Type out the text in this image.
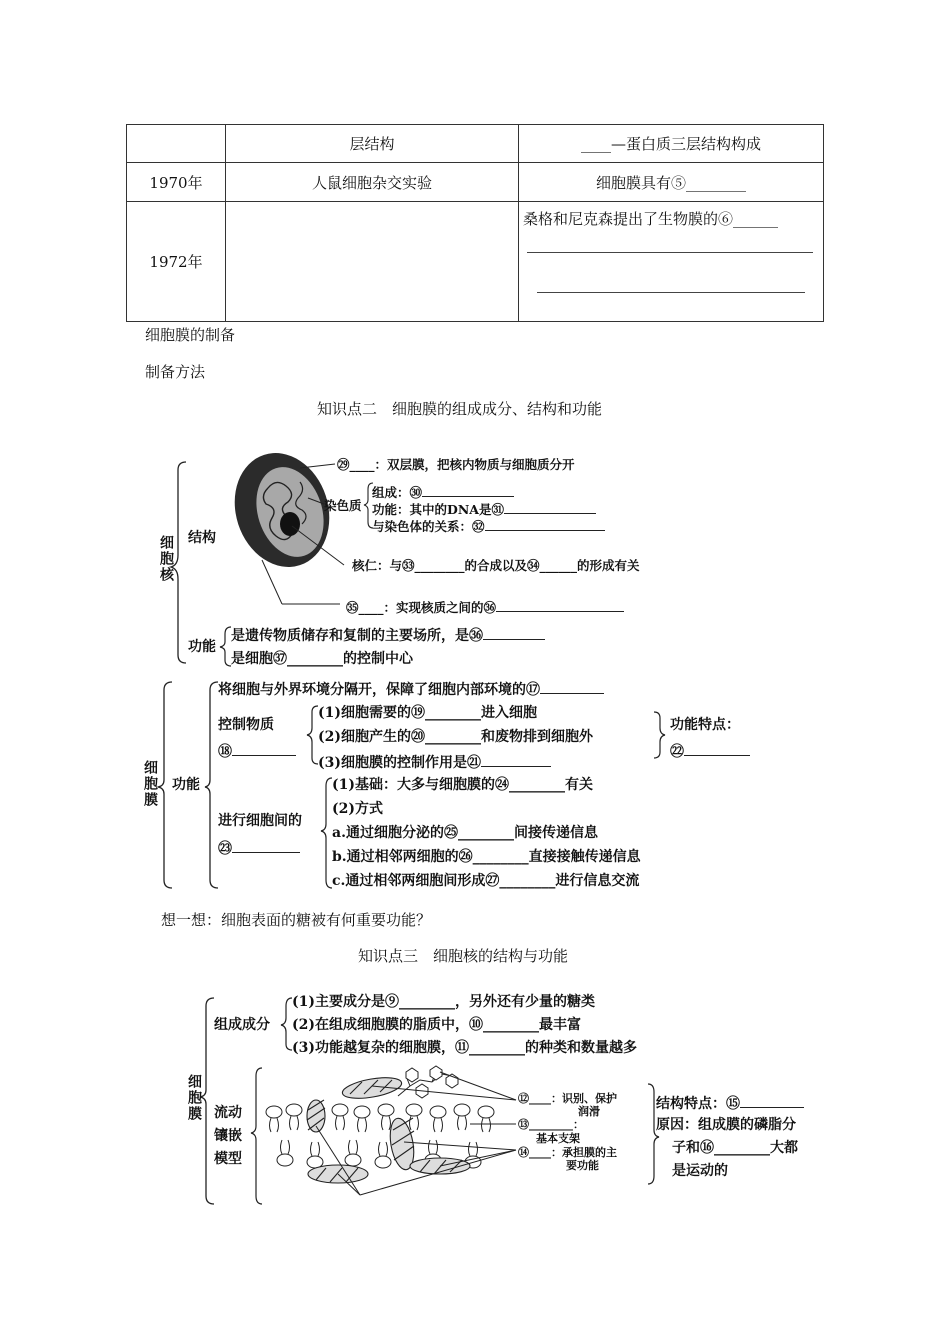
	层结构	____—蛋白质三层结构构成
1970年	人鼠细胞杂交实验	细胞膜具有⑤________
1972年		桑格和尼克森提出了生物膜的⑥______
细胞膜的制备
制备方法
知识点二　细胞膜的组成成分、结构和功能
细胞核 结构
功能
㉙____：双层膜，把核内物质与细胞质分开
染色质
组成：㉚
功能：其中的DNA是㉛
与染色体的关系：㉜
核仁：与㉝________的合成以及㉞______的形成有关
㉟____：实现核质之间的㊱
是遗传物质储存和复制的主要场所，是㊱
是细胞㊲________的控制中心
细胞膜 功能
将细胞与外界环境分隔开，保障了细胞内部环境的⑰
控制物质
⑱
(1)细胞需要的⑲________进入细胞
(2)细胞产生的⑳________和废物排到细胞外
(3)细胞膜的控制作用是㉑
功能特点：
㉒
进行细胞间的
㉓
(1)基础：大多与细胞膜的㉔________有关
(2)方式
a.通过细胞分泌的㉕________间接传递信息
b.通过相邻两细胞的㉖________直接接触传递信息
c.通过相邻两细胞间形成㉗________进行信息交流
想一想：细胞表面的糖被有何重要功能？
知识点三　细胞核的结构与功能
细胞膜
组成成分
(1)主要成分是⑨________，另外还有少量的糖类
(2)在组成细胞膜的脂质中，⑩________最丰富
(3)功能越复杂的细胞膜，⑪________的种类和数量越多
流动
镶嵌
模型
⑫____：识别、保护
润滑
⑬________：
基本支架
⑭____：承担膜的主
要功能
结构特点：⑮
原因：组成膜的磷脂分
子和⑯________大都
是运动的
